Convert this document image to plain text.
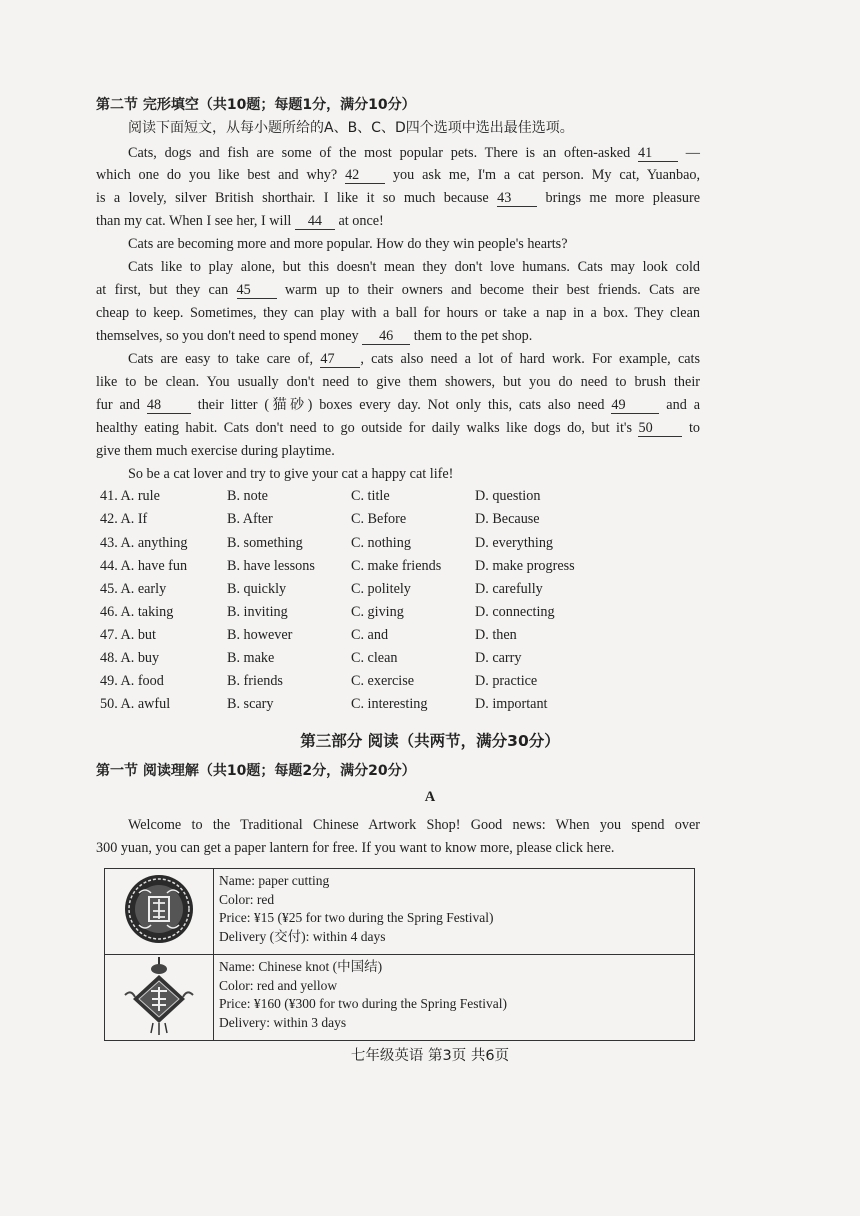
第二节 完形填空（共10题；每题1分，满分10分）
阅读下面短文，从每小题所给的A、B、C、D四个选项中选出最佳选项。
Cats, dogs and fish are some of the most popular pets. There is an often-asked 41 —
which one do you like best and why? 42 you ask me, I'm a cat person. My cat, Yuanbao,
is a lovely, silver British shorthair. I like it so much because 43 brings me more pleasure
than my cat. When I see her, I will 44 at once!
Cats are becoming more and more popular. How do they win people's hearts?
Cats like to play alone, but this doesn't mean they don't love humans. Cats may look cold
at first, but they can 45 warm up to their owners and become their best friends. Cats are
cheap to keep. Sometimes, they can play with a ball for hours or take a nap in a box. They clean
themselves, so you don't need to spend money 46 them to the pet shop.
Cats are easy to take care of, 47 , cats also need a lot of hard work. For example, cats
like to be clean. You usually don't need to give them showers, but you do need to brush their
fur and 48 their litter (猫砂) boxes every day. Not only this, cats also need 49 and a
healthy eating habit. Cats don't need to go outside for daily walks like dogs do, but it's 50 to
give them much exercise during playtime.
So be a cat lover and try to give your cat a happy cat life!
41. A. rule	B. note	C. title	D. question
42. A. If	B. After	C. Before	D. Because
43. A. anything	B. something	C. nothing	D. everything
44. A. have fun	B. have lessons	C. make friends D. make progress
45. A. early	B. quickly	C. politely	D. carefully
46. A. taking	B. inviting	C. giving	D. connecting
47. A. but	B. however	C. and	D. then
48. A. buy	B. make	C. clean	D. carry
49. A. food	B. friends	C. exercise	D. practice
50. A. awful	B. scary	C. interesting	D. important
第三部分 阅读（共两节，满分30分）
第一节 阅读理解（共10题；每题2分，满分20分）
A
Welcome to the Traditional Chinese Artwork Shop! Good news: When you spend over
300 yuan, you can get a paper lantern for free. If you want to know more, please click here.

Name: paper cutting
Color: red
Price: ¥15 (¥25 for two during the Spring Festival)
Delivery (交付): within 4 days

Name: Chinese knot (中国结)
Color: red and yellow
Price: ¥160 (¥300 for two during the Spring Festival)
Delivery: within 3 days
七年级英语 第3页 共6页
